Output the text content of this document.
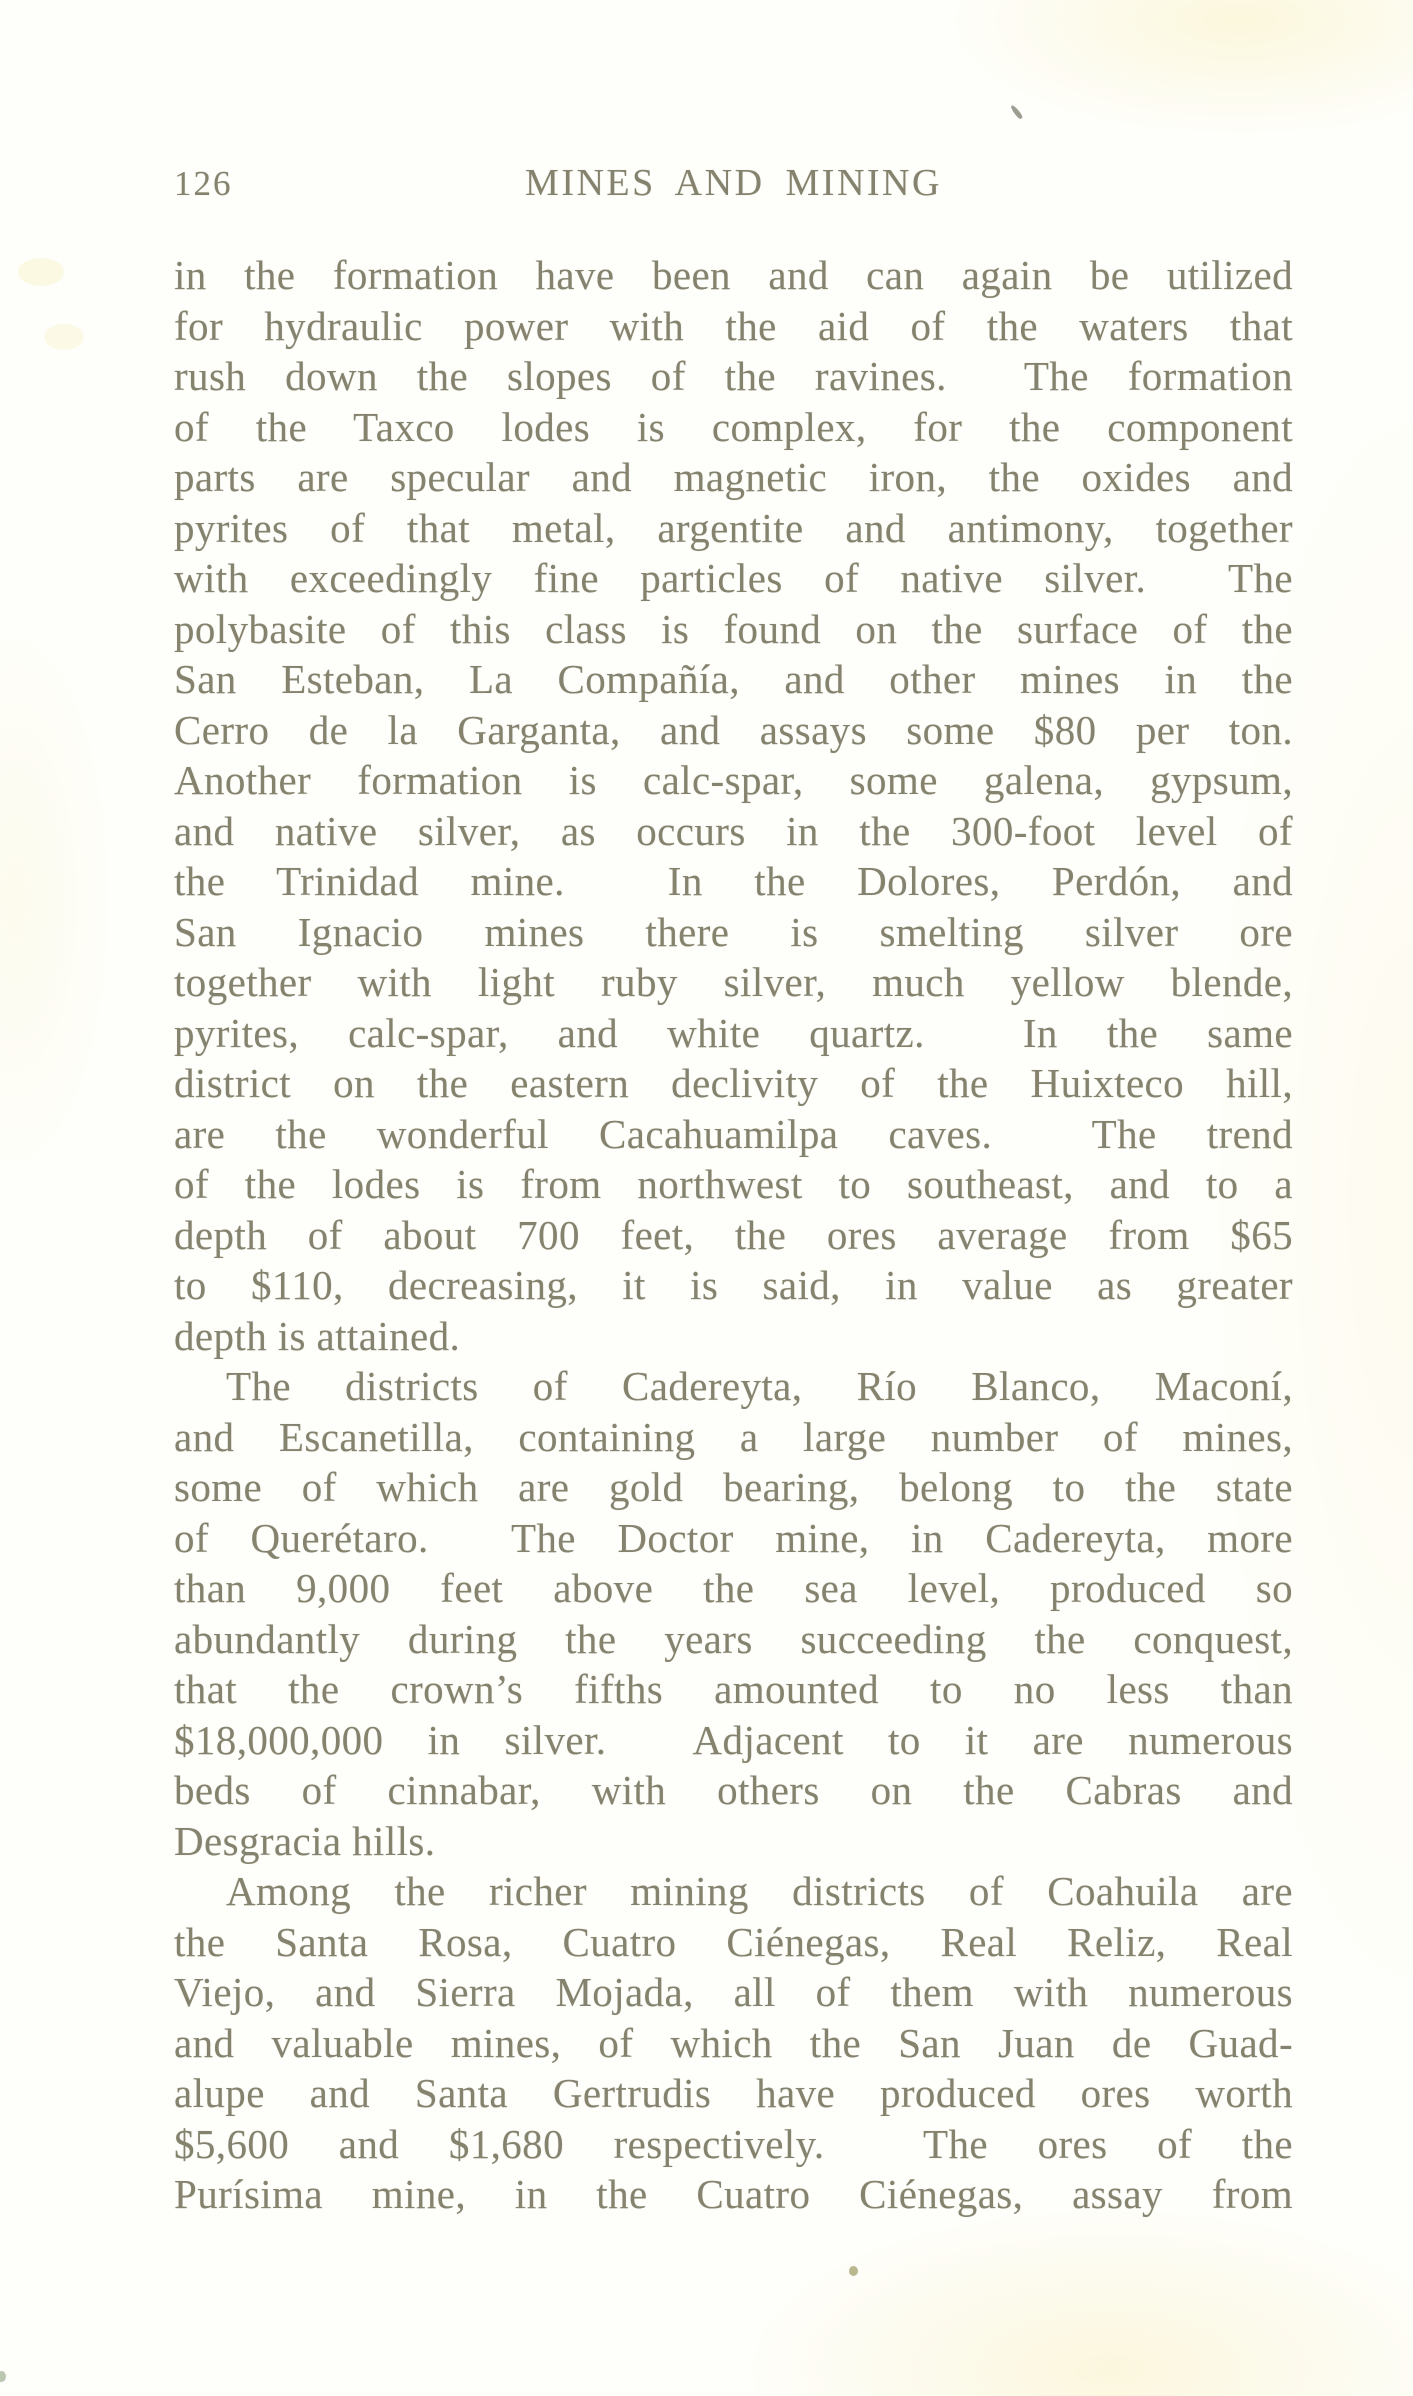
126	MINES AND MINING
in the formation have been and can again be utilized
for hydraulic power with the aid of the waters that
rush down the slopes of the ravines.  The formation
of the Taxco lodes is complex, for the component
parts are specular and magnetic iron, the oxides and
pyrites of that metal, argentite and antimony, together
with exceedingly fine particles of native silver.  The
polybasite of this class is found on the surface of the
San Esteban, La Compañía, and other mines in the
Cerro de la Garganta, and assays some $80 per ton.
Another formation is calc-spar, some galena, gypsum,
and native silver, as occurs in the 300-foot level of
the Trinidad mine.  In the Dolores, Perdón, and
San Ignacio mines there is smelting silver ore
together with light ruby silver, much yellow blende,
pyrites, calc-spar, and white quartz.  In the same
district on the eastern declivity of the Huixteco hill,
are the wonderful Cacahuamilpa caves.  The trend
of the lodes is from northwest to southeast, and to a
depth of about 700 feet, the ores average from $65
to $110, decreasing, it is said, in value as greater
depth is attained.
The districts of Cadereyta, Río Blanco, Maconí,
and Escanetilla, containing a large number of mines,
some of which are gold bearing, belong to the state
of Querétaro.  The Doctor mine, in Cadereyta, more
than 9,000 feet above the sea level, produced so
abundantly during the years succeeding the conquest,
that the crown’s fifths amounted to no less than
$18,000,000 in silver.  Adjacent to it are numerous
beds of cinnabar, with others on the Cabras and
Desgracia hills.
Among the richer mining districts of Coahuila are
the Santa Rosa, Cuatro Ciénegas, Real Reliz, Real
Viejo, and Sierra Mojada, all of them with numerous
and valuable mines, of which the San Juan de Guad-
alupe and Santa Gertrudis have produced ores worth
$5,600 and $1,680 respectively.  The ores of the
Purísima mine, in the Cuatro Ciénegas, assay from
